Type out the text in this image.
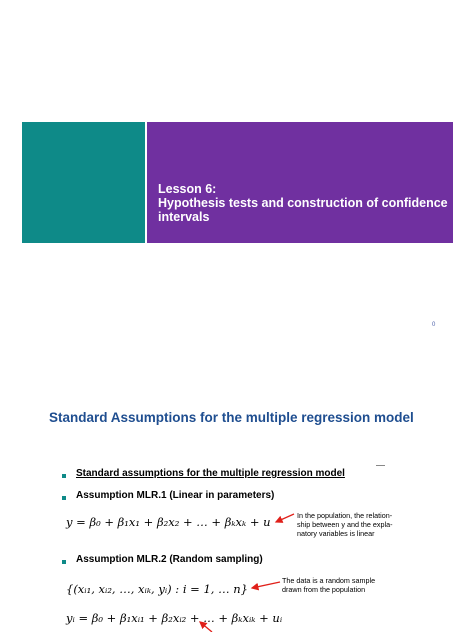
Lesson 6:
Hypothesis tests and construction of confidence
intervals
0
Standard Assumptions for the multiple regression model
Standard assumptions for the multiple regression model
Assumption MLR.1 (Linear in parameters)
y = β₀ + β₁x₁ + β₂x₂ + … + βₖxₖ + u	In the population, the relation-
ship between y and the expla-
natory variables is linear
Assumption MLR.2 (Random sampling)
{(xᵢ₁, xᵢ₂, …, xᵢₖ, yᵢ) : i = 1, … n}
The data is a random sample
drawn from the population
yᵢ = β₀ + β₁xᵢ₁ + β₂xᵢ₂ + … + βₖxᵢₖ + uᵢ
